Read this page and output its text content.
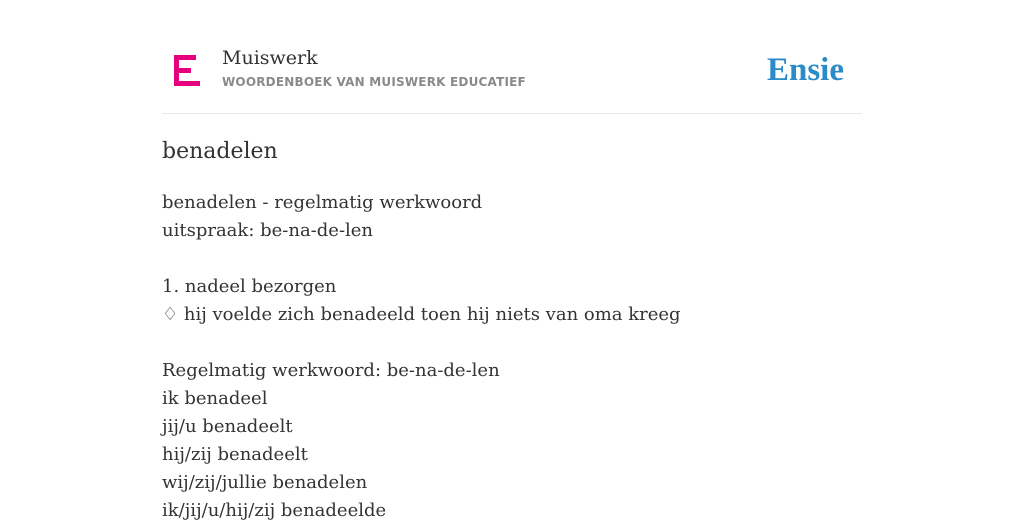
Muiswerk
WOORDENBOEK VAN MUISWERK EDUCATIEF	Ensie
benadelen
benadelen - regelmatig werkwoord
uitspraak: be-na-de-len
1. nadeel bezorgen
♢ hij voelde zich benadeeld toen hij niets van oma kreeg
Regelmatig werkwoord: be-na-de-len
ik benadeel
jij/u benadeelt
hij/zij benadeelt
wij/zij/jullie benadelen
ik/jij/u/hij/zij benadeelde
